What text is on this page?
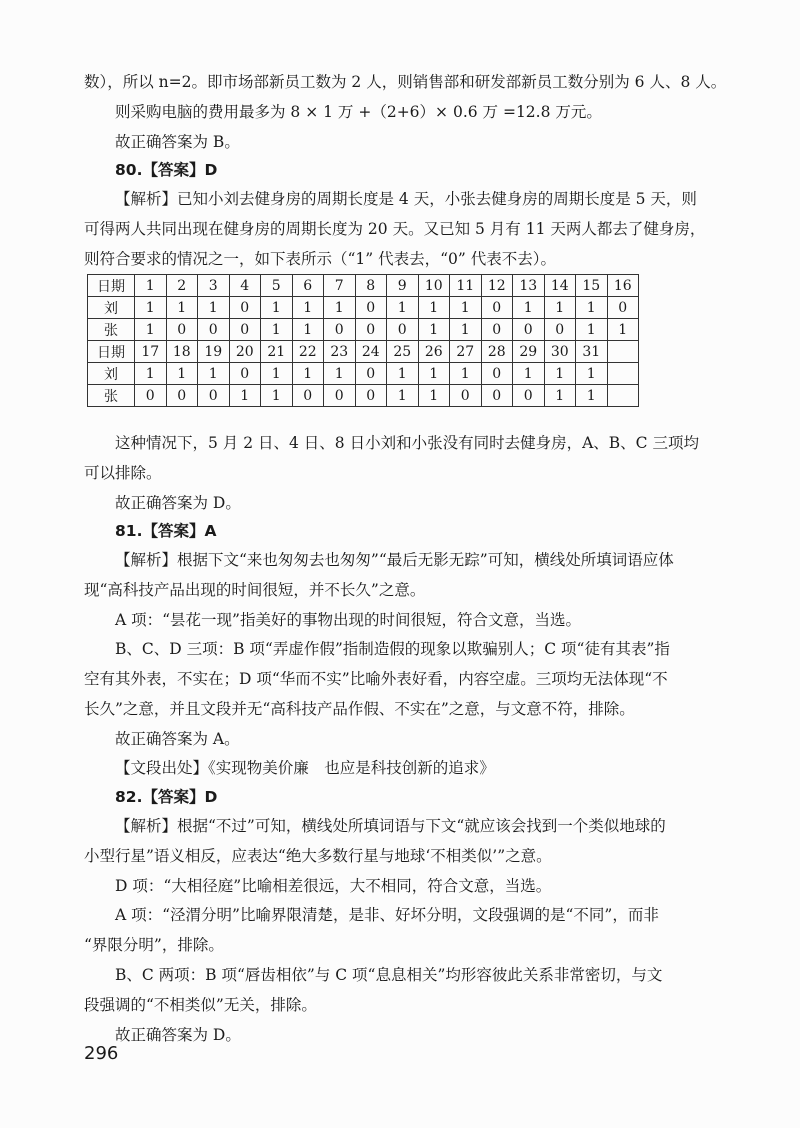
数），所以 n=2。即市场部新员工数为 2 人，则销售部和研发部新员工数分别为 6 人、8 人。
则采购电脑的费用最多为 8 × 1 万 +（2+6）× 0.6 万 =12.8 万元。
故正确答案为 B。
80.【答案】D
【解析】已知小刘去健身房的周期长度是 4 天，小张去健身房的周期长度是 5 天，则
可得两人共同出现在健身房的周期长度为 20 天。又已知 5 月有 11 天两人都去了健身房，
则符合要求的情况之一，如下表所示（“1” 代表去，“0” 代表不去）。
日期	1	2	3	4	5	6	7	8	9	10	11	12	13	14	15	16
刘	1	1	1	0	1	1	1	0	1	1	1	0	1	1	1	0
张	1	0	0	0	1	1	0	0	0	1	1	0	0	0	1	1
日期	17	18	19	20	21	22	23	24	25	26	27	28	29	30	31	
刘	1	1	1	0	1	1	1	0	1	1	1	0	1	1	1	
张	0	0	0	1	1	0	0	0	1	1	0	0	0	1	1	
这种情况下，5 月 2 日、4 日、8 日小刘和小张没有同时去健身房，A、B、C 三项均
可以排除。
故正确答案为 D。
81.【答案】A
【解析】根据下文“来也匆匆去也匆匆”“最后无影无踪”可知，横线处所填词语应体
现“高科技产品出现的时间很短，并不长久”之意。
A 项：“昙花一现”指美好的事物出现的时间很短，符合文意，当选。
B、C、D 三项：B 项“弄虚作假”指制造假的现象以欺骗别人；C 项“徒有其表”指
空有其外表，不实在；D 项“华而不实”比喻外表好看，内容空虚。三项均无法体现“不
长久”之意，并且文段并无“高科技产品作假、不实在”之意，与文意不符，排除。
故正确答案为 A。
【文段出处】《实现物美价廉　也应是科技创新的追求》
82.【答案】D
【解析】根据“不过”可知，横线处所填词语与下文“就应该会找到一个类似地球的
小型行星”语义相反，应表达“绝大多数行星与地球‘不相类似’”之意。
D 项：“大相径庭”比喻相差很远，大不相同，符合文意，当选。
A 项：“泾渭分明”比喻界限清楚，是非、好坏分明，文段强调的是“不同”，而非
“界限分明”，排除。
B、C 两项：B 项“唇齿相依”与 C 项“息息相关”均形容彼此关系非常密切，与文
段强调的“不相类似”无关，排除。
故正确答案为 D。
296
